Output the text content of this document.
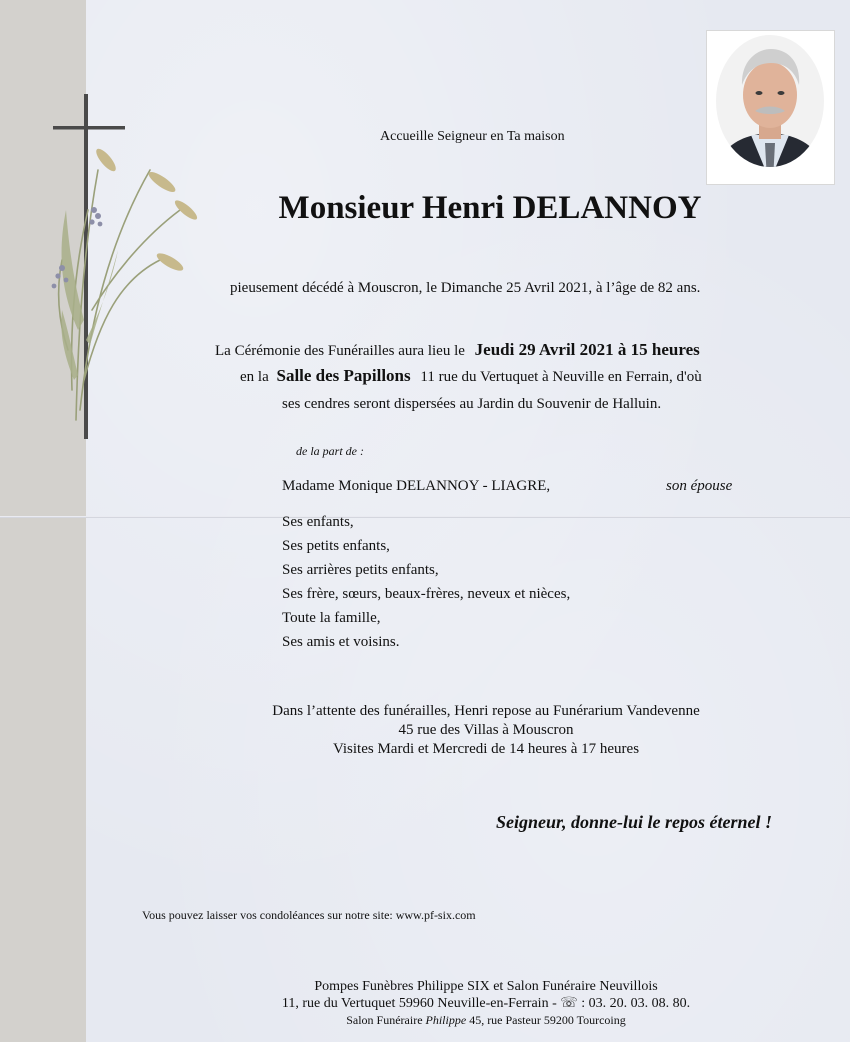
Accueille Seigneur en Ta maison
Monsieur Henri DELANNOY
pieusement décédé à Mouscron, le Dimanche 25 Avril 2021, à l’âge de 82 ans.
La Cérémonie des Funérailles aura lieu le Jeudi 29 Avril 2021 à 15 heures
en la Salle des Papillons 11 rue du Vertuquet à Neuville en Ferrain, d'où
ses cendres seront dispersées au Jardin du Souvenir de Halluin.
de la part de :
Madame Monique DELANNOY - LIAGRE,	son épouse
Ses enfants,
Ses petits enfants,
Ses arrières petits enfants,
Ses frère, sœurs, beaux-frères, neveux et nièces,
Toute la famille,
Ses amis et voisins.
Dans l’attente des funérailles, Henri repose au Funérarium Vandevenne
45 rue des Villas à Mouscron
Visites Mardi et Mercredi de 14 heures à 17 heures
Seigneur, donne-lui le repos éternel !
Vous pouvez laisser vos condoléances sur notre site: www.pf-six.com
Pompes Funèbres Philippe SIX et Salon Funéraire Neuvillois
11, rue du Vertuquet 59960 Neuville-en-Ferrain - ☏ : 03. 20. 03. 08. 80.
Salon Funéraire Philippe 45, rue Pasteur 59200 Tourcoing
